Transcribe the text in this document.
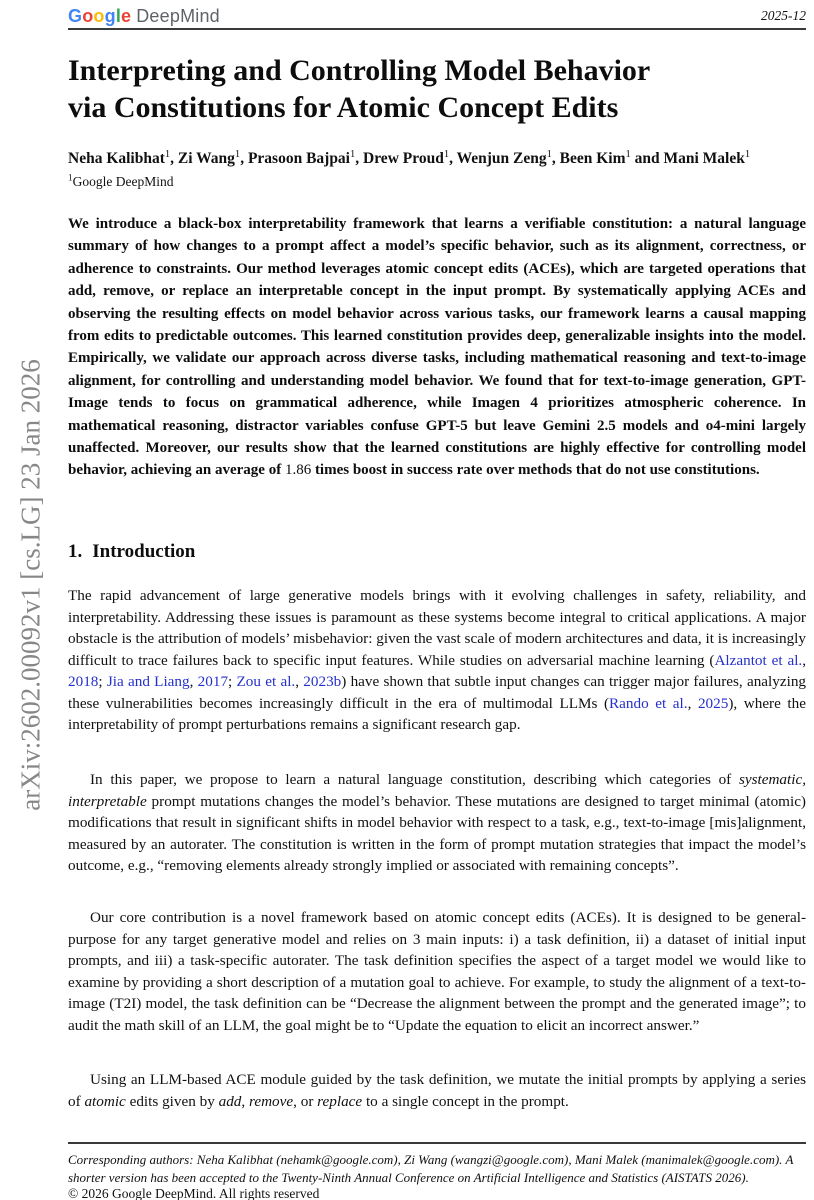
Google DeepMind	2025-12
arXiv:2602.00092v1 [cs.LG] 23 Jan 2026
Interpreting and Controlling Model Behavior
via Constitutions for Atomic Concept Edits
Neha Kalibhat$^1$, Zi Wang$^1$, Prasoon Bajpai$^1$, Drew Proud$^1$, Wenjun Zeng$^1$, Been Kim$^1$ and Mani Malek$^1$
$^1$Google DeepMind
We introduce a black-box interpretability framework that learns a verifiable constitution: a natural language summary of how changes to a prompt affect a model’s specific behavior, such as its alignment, correctness, or adherence to constraints. Our method leverages atomic concept edits (ACEs), which are targeted operations that add, remove, or replace an interpretable concept in the input prompt. By systematically applying ACEs and observing the resulting effects on model behavior across various tasks, our framework learns a causal mapping from edits to predictable outcomes. This learned constitution provides deep, generalizable insights into the model. Empirically, we validate our approach across diverse tasks, including mathematical reasoning and text-to-image alignment, for controlling and understanding model behavior. We found that for text-to-image generation, GPT-Image tends to focus on grammatical adherence, while Imagen 4 prioritizes atmospheric coherence. In mathematical reasoning, distractor variables confuse GPT-5 but leave Gemini 2.5 models and o4-mini largely unaffected. Moreover, our results show that the learned constitutions are highly effective for controlling model behavior, achieving an average of 1.86 times boost in success rate over methods that do not use constitutions.
1. Introduction
The rapid advancement of large generative models brings with it evolving challenges in safety, reliability, and interpretability. Addressing these issues is paramount as these systems become integral to critical applications. A major obstacle is the attribution of models’ misbehavior: given the vast scale of modern architectures and data, it is increasingly difficult to trace failures back to specific input features. While studies on adversarial machine learning (Alzantot et al., 2018; Jia and Liang, 2017; Zou et al., 2023b) have shown that subtle input changes can trigger major failures, analyzing these vulnerabilities becomes increasingly difficult in the era of multimodal LLMs (Rando et al., 2025), where the interpretability of prompt perturbations remains a significant research gap.
In this paper, we propose to learn a natural language constitution, describing which categories of systematic, interpretable prompt mutations changes the model’s behavior. These mutations are designed to target minimal (atomic) modifications that result in significant shifts in model behavior with respect to a task, e.g., text-to-image [mis]alignment, measured by an autorater. The constitution is written in the form of prompt mutation strategies that impact the model’s outcome, e.g., “removing elements already strongly implied or associated with remaining concepts”.
Our core contribution is a novel framework based on atomic concept edits (ACEs). It is designed to be general-purpose for any target generative model and relies on 3 main inputs: i) a task definition, ii) a dataset of initial input prompts, and iii) a task-specific autorater. The task definition specifies the aspect of a target model we would like to examine by providing a short description of a mutation goal to achieve. For example, to study the alignment of a text-to-image (T2I) model, the task definition can be “Decrease the alignment between the prompt and the generated image”; to audit the math skill of an LLM, the goal might be to “Update the equation to elicit an incorrect answer.”
Using an LLM-based ACE module guided by the task definition, we mutate the initial prompts by applying a series of atomic edits given by add, remove, or replace to a single concept in the prompt.
Corresponding authors: Neha Kalibhat (nehamk@google.com), Zi Wang (wangzi@google.com), Mani Malek (manimalek@google.com). A shorter version has been accepted to the Twenty-Ninth Annual Conference on Artificial Intelligence and Statistics (AISTATS 2026).
© 2026 Google DeepMind. All rights reserved
